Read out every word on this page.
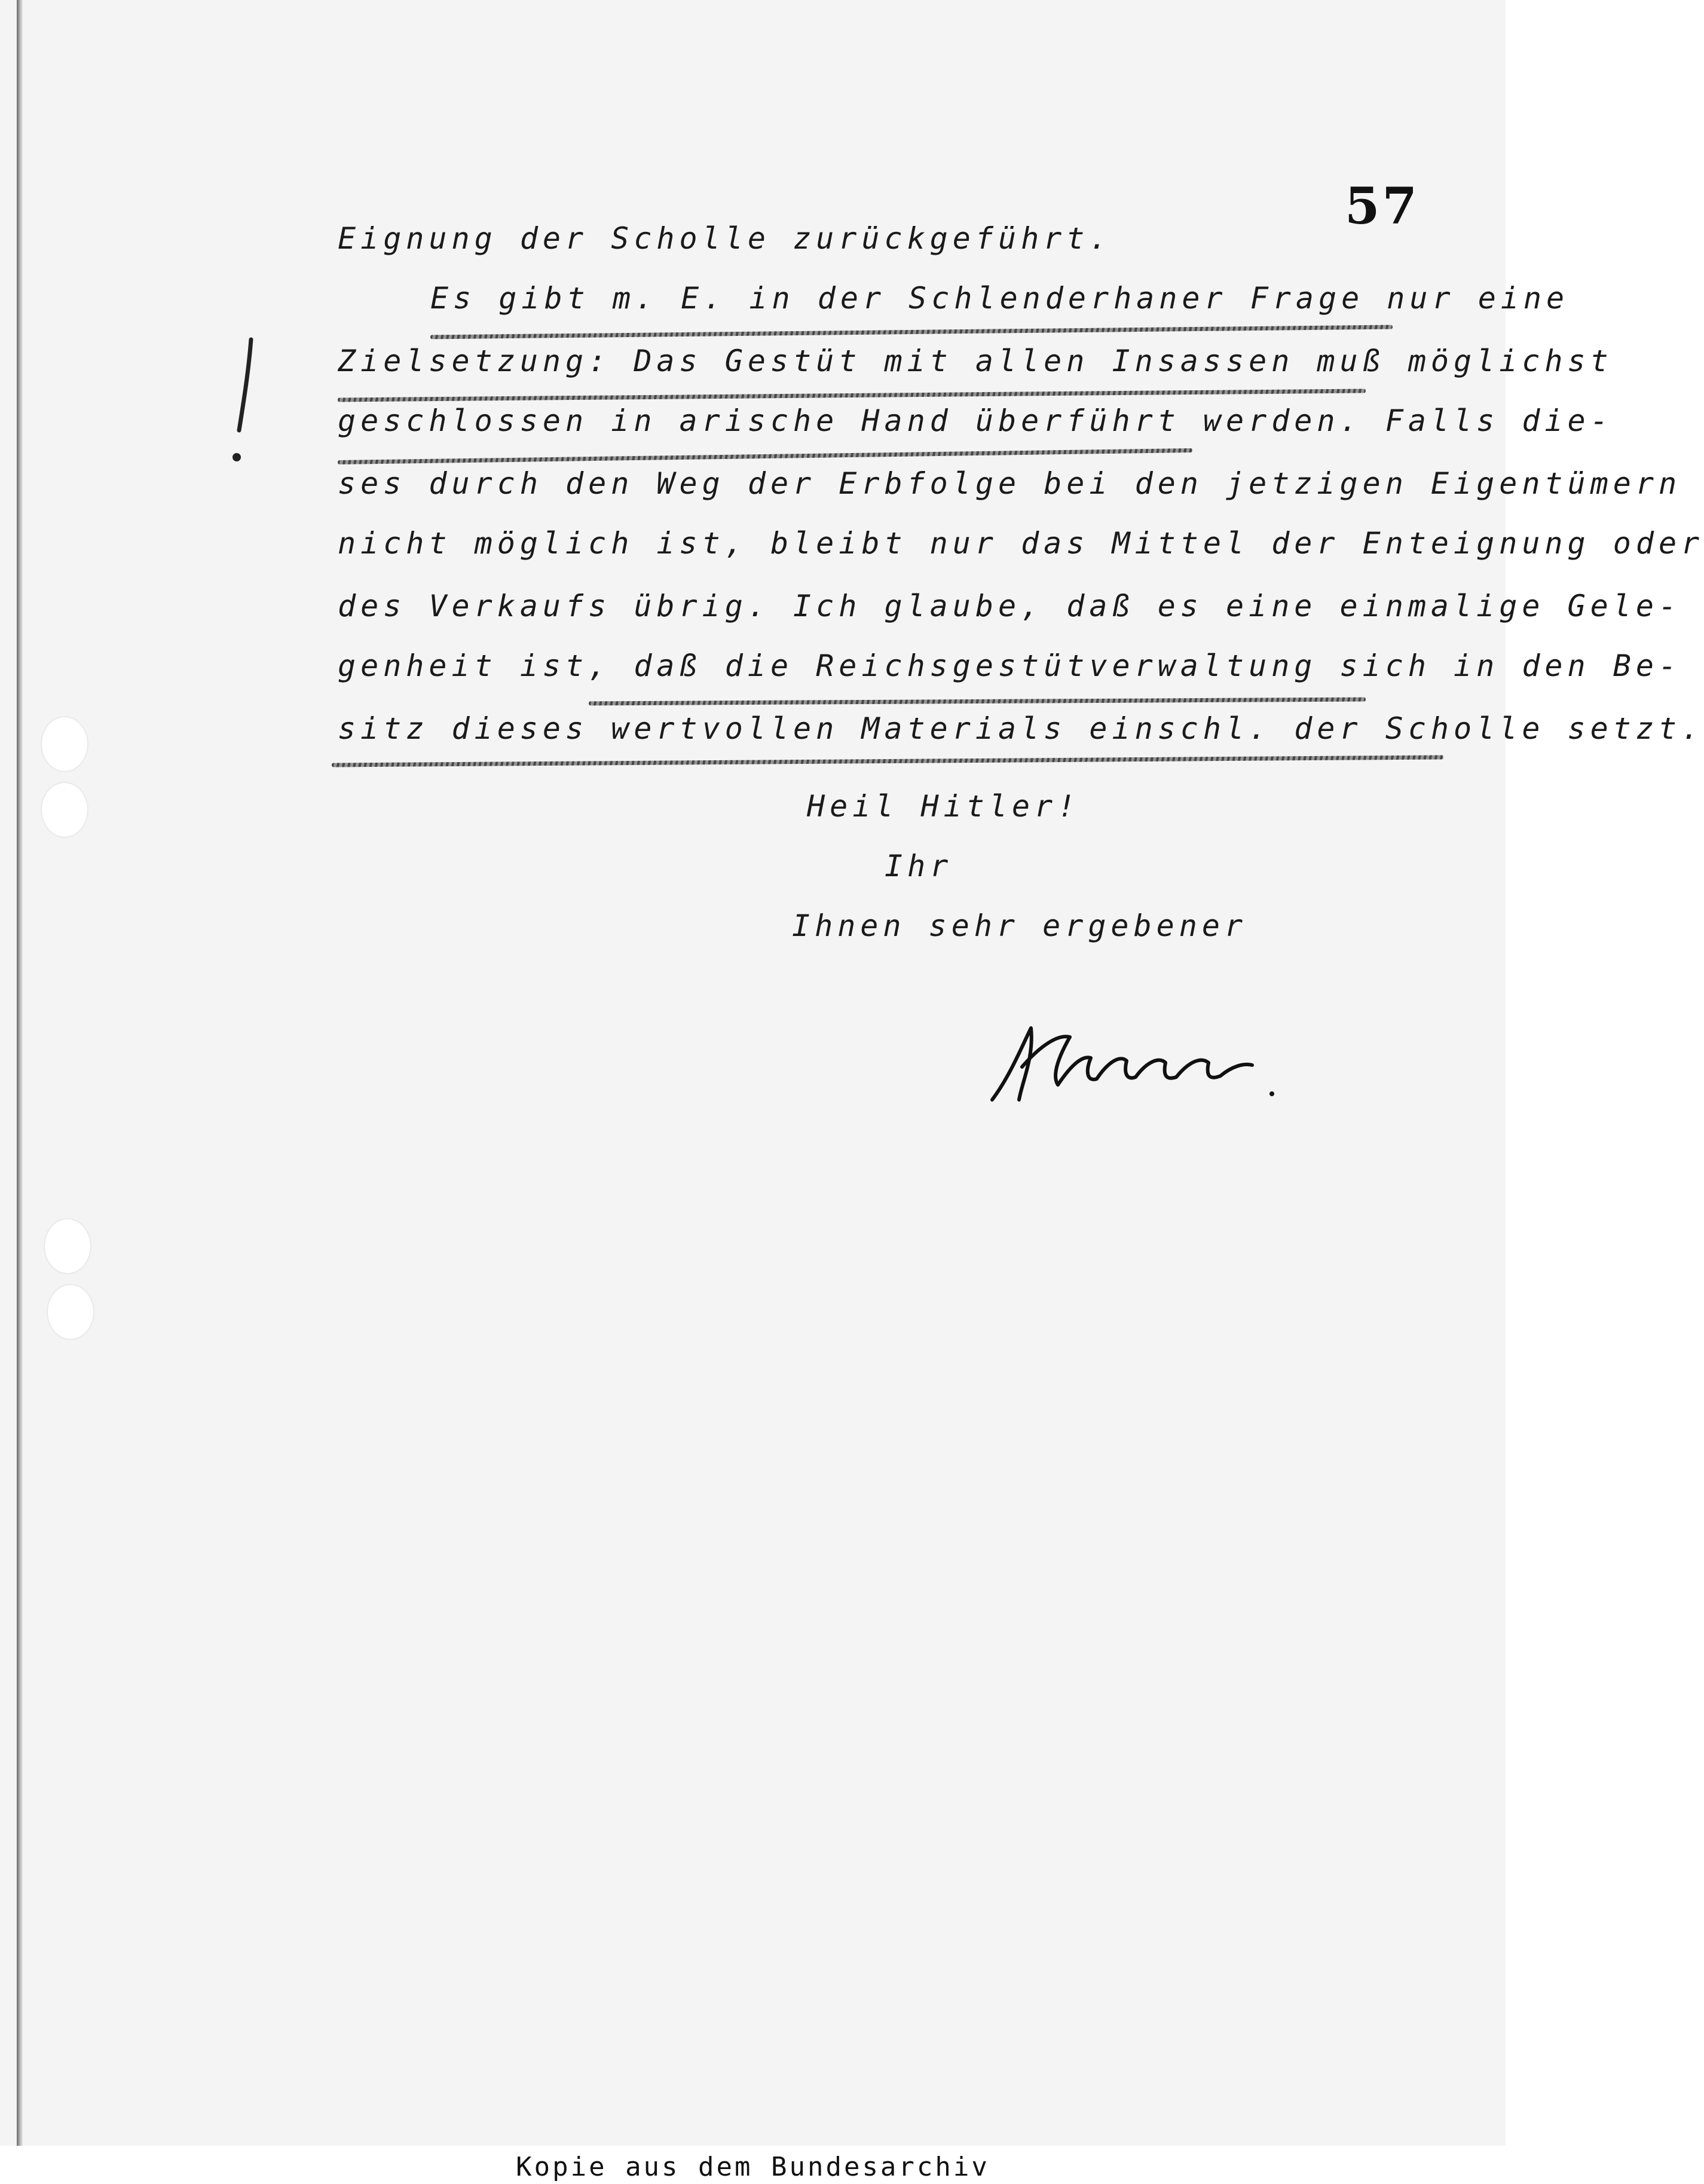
57
Eignung der Scholle zurückgeführt.
Es gibt m. E. in der Schlenderhaner Frage nur eine
Zielsetzung: Das Gestüt mit allen Insassen muß möglichst
geschlossen in arische Hand überführt werden. Falls die-
ses durch den Weg der Erbfolge bei den jetzigen Eigentümern
nicht möglich ist, bleibt nur das Mittel der Enteignung oder
des Verkaufs übrig. Ich glaube, daß es eine einmalige Gele-
genheit ist, daß die Reichsgestütverwaltung sich in den Be-
sitz dieses wertvollen Materials einschl. der Scholle setzt.
Heil Hitler!
Ihr
Ihnen sehr ergebener
Kopie aus dem Bundesarchiv
